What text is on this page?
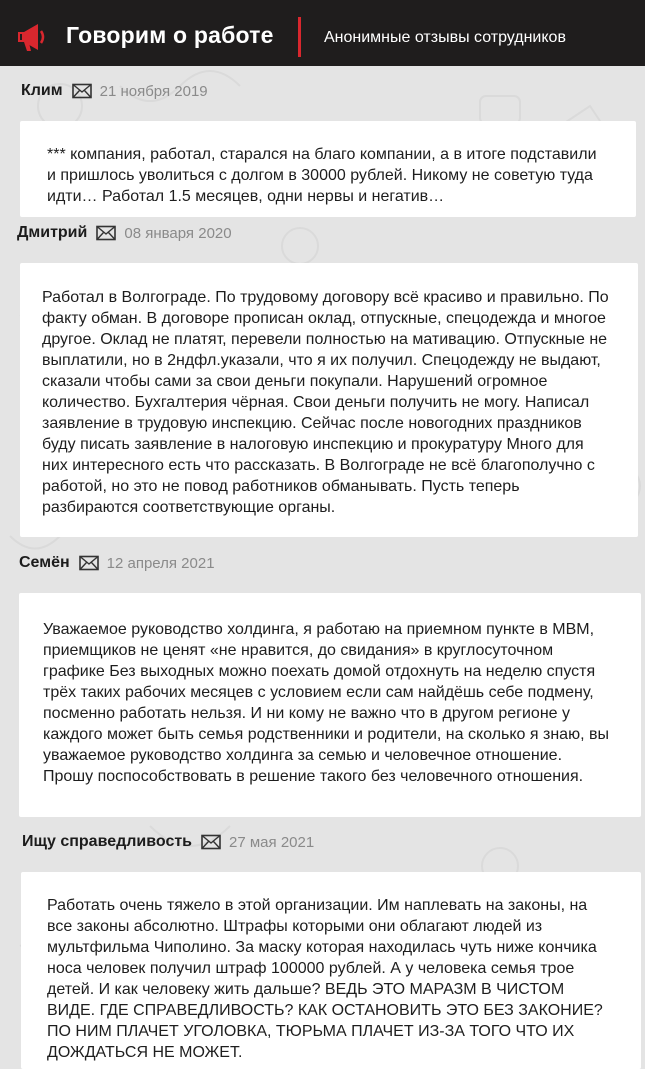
Говорим о работе	Анонимные отзывы сотрудников
Клим 21 ноября 2019

*** компания, работал, старался на благо компании, а в итоге подставили и пришлось уволиться с долгом в 30000 рублей. Никому не советую туда идти… Работал 1.5 месяцев, одни нервы и негатив…

Дмитрий 08 января 2020

Работал в Волгограде. По трудовому договору всё красиво и правильно. По факту обман. В договоре прописан оклад, отпускные, спецодежда и многое другое. Оклад не платят, перевели полностью на мативацию. Отпускные не выплатили, но в 2ндфл.указали, что я их получил. Спецодежду не выдают, сказали чтобы сами за свои деньги покупали. Нарушений огромное количество. Бухгалтерия чёрная. Свои деньги получить не могу. Написал заявление в трудовую инспекцию. Сейчас после новогодних праздников буду писать заявление в налоговую инспекцию и прокуратуру Много для них интересного есть что рассказать. В Волгограде не всё благополучно с работой, но это не повод работников обманывать. Пусть теперь разбираются соответствующие органы.

Семён 12 апреля 2021

Уважаемое руководство холдинга, я работаю на приемном пункте в МВМ, приемщиков не ценят «не нравится, до свидания» в круглосуточном графике Без выходных можно поехать домой отдохнуть на неделю спустя трёх таких рабочих месяцев с условием если сам найдёшь себе подмену, посменно работать нельзя. И ни кому не важно что в другом регионе у каждого может быть семья родственники и родители, на сколько я знаю, вы уважаемое руководство холдинга за семью и человечное отношение. Прошу поспособствовать в решение такого без человечного отношения.

Ищу справедливость 27 мая 2021

Работать очень тяжело в этой организации. Им наплевать на законы, на все законы абсолютно. Штрафы которыми они облагают людей из мультфильма Чиполино. За маску которая находилась чуть ниже кончика носа человек получил штраф 100000 рублей. А у человека семья трое детей. И как человеку жить дальше? ВЕДЬ ЭТО МАРАЗМ В ЧИСТОМ ВИДЕ. ГДЕ СПРАВЕДЛИВОСТЬ? КАК ОСТАНОВИТЬ ЭТО БЕЗ ЗАКОНИЕ? ПО НИМ ПЛАЧЕТ УГОЛОВКА, ТЮРЬМА ПЛАЧЕТ ИЗ-ЗА ТОГО ЧТО ИХ ДОЖДАТЬСЯ НЕ МОЖЕТ.
